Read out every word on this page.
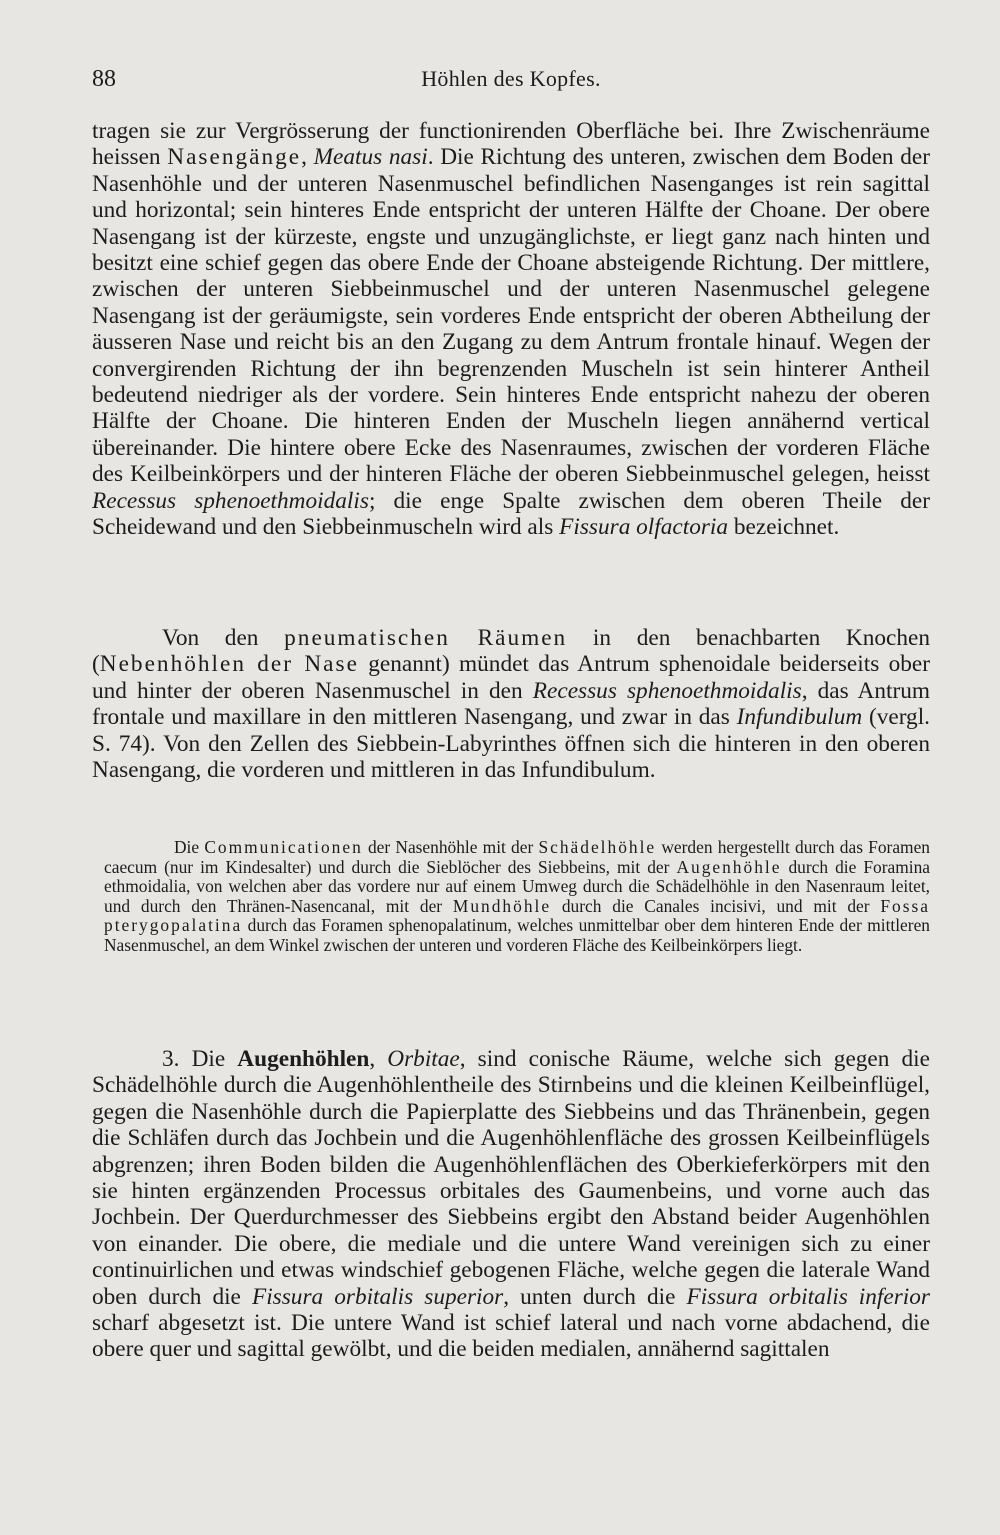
88	Höhlen des Kopfes.

tragen sie zur Vergrösserung der functionirenden Oberfläche bei. Ihre Zwischenräume heissen Nasengänge, Meatus nasi. Die Richtung des unteren, zwischen dem Boden der Nasenhöhle und der unteren Nasenmuschel befindlichen Nasenganges ist rein sagittal und horizontal; sein hinteres Ende entspricht der unteren Hälfte der Choane. Der obere Nasengang ist der kürzeste, engste und unzugänglichste, er liegt ganz nach hinten und besitzt eine schief gegen das obere Ende der Choane absteigende Richtung. Der mittlere, zwischen der unteren Siebbeinmuschel und der unteren Nasenmuschel gelegene Nasengang ist der geräumigste, sein vorderes Ende entspricht der oberen Abtheilung der äusseren Nase und reicht bis an den Zugang zu dem Antrum frontale hinauf. Wegen der convergirenden Richtung der ihn begrenzenden Muscheln ist sein hinterer Antheil bedeutend niedriger als der vordere. Sein hinteres Ende entspricht nahezu der oberen Hälfte der Choane. Die hinteren Enden der Muscheln liegen annähernd vertical übereinander. Die hintere obere Ecke des Nasenraumes, zwischen der vorderen Fläche des Keilbeinkörpers und der hinteren Fläche der oberen Siebbeinmuschel gelegen, heisst Recessus sphenoethmoidalis; die enge Spalte zwischen dem oberen Theile der Scheidewand und den Siebbeinmuscheln wird als Fissura olfactoria bezeichnet.

Von den pneumatischen Räumen in den benachbarten Knochen (Nebenhöhlen der Nase genannt) mündet das Antrum sphenoidale beiderseits ober und hinter der oberen Nasenmuschel in den Recessus sphenoethmoidalis, das Antrum frontale und maxillare in den mittleren Nasengang, und zwar in das Infundibulum (vergl. S. 74). Von den Zellen des Siebbein-Labyrinthes öffnen sich die hinteren in den oberen Nasengang, die vorderen und mittleren in das Infundibulum.

Die Communicationen der Nasenhöhle mit der Schädelhöhle werden hergestellt durch das Foramen caecum (nur im Kindesalter) und durch die Sieblöcher des Siebbeins, mit der Augenhöhle durch die Foramina ethmoidalia, von welchen aber das vordere nur auf einem Umweg durch die Schädelhöhle in den Nasenraum leitet, und durch den Thränen-Nasencanal, mit der Mundhöhle durch die Canales incisivi, und mit der Fossa pterygopalatina durch das Foramen sphenopalatinum, welches unmittelbar ober dem hinteren Ende der mittleren Nasenmuschel, an dem Winkel zwischen der unteren und vorderen Fläche des Keilbeinkörpers liegt.

3. Die Augenhöhlen, Orbitae, sind conische Räume, welche sich gegen die Schädelhöhle durch die Augenhöhlentheile des Stirnbeins und die kleinen Keilbeinflügel, gegen die Nasenhöhle durch die Papierplatte des Siebbeins und das Thränenbein, gegen die Schläfen durch das Jochbein und die Augenhöhlenfläche des grossen Keilbeinflügels abgrenzen; ihren Boden bilden die Augenhöhlenflächen des Oberkieferkörpers mit den sie hinten ergänzenden Processus orbitales des Gaumenbeins, und vorne auch das Jochbein. Der Querdurchmesser des Siebbeins ergibt den Abstand beider Augenhöhlen von einander. Die obere, die mediale und die untere Wand vereinigen sich zu einer continuirlichen und etwas windschief gebogenen Fläche, welche gegen die laterale Wand oben durch die Fissura orbitalis superior, unten durch die Fissura orbitalis inferior scharf abgesetzt ist. Die untere Wand ist schief lateral und nach vorne abdachend, die obere quer und sagittal gewölbt, und die beiden medialen, annähernd sagittalen
